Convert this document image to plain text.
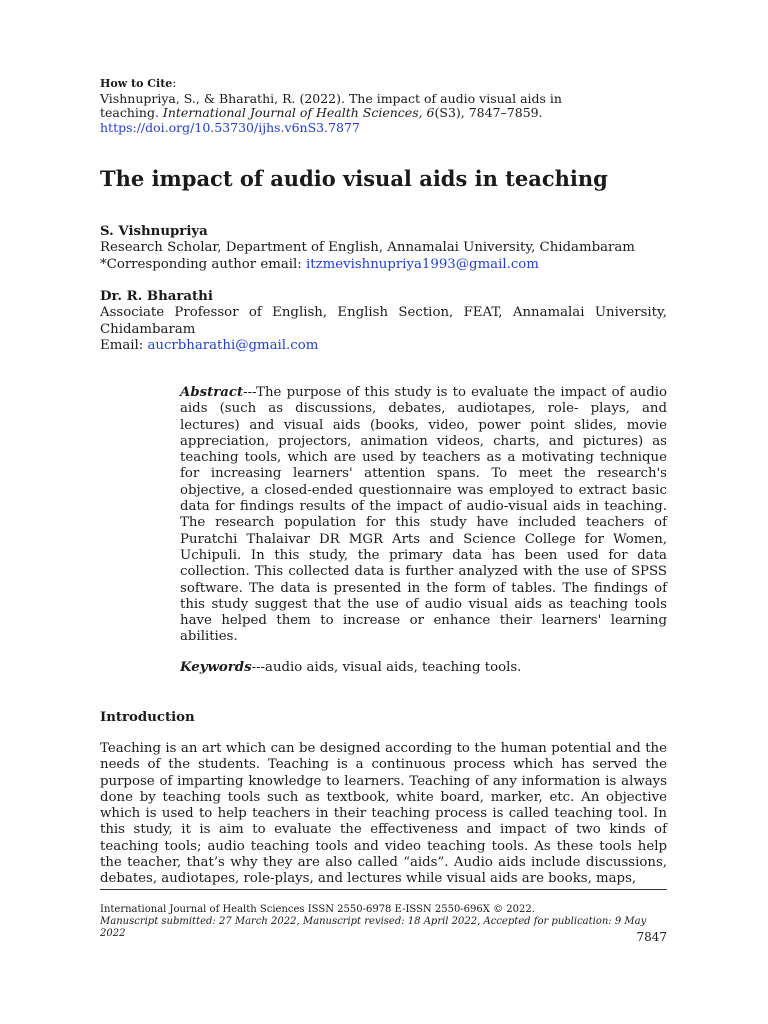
How to Cite:
Vishnupriya, S., & Bharathi, R. (2022). The impact of audio visual aids in
teaching. International Journal of Health Sciences, 6(S3), 7847–7859.
https://doi.org/10.53730/ijhs.v6nS3.7877
The impact of audio visual aids in teaching
S. Vishnupriya
Research Scholar, Department of English, Annamalai University, Chidambaram
*Corresponding author email: itzmevishnupriya1993@gmail.com
Dr. R. Bharathi
Associate Professor of English, English Section, FEAT, Annamalai University, Chidambaram
Email: aucrbharathi@gmail.com
Abstract---The purpose of this study is to evaluate the impact of audio aids (such as discussions, debates, audiotapes, role- plays, and lectures) and visual aids (books, video, power point slides, movie appreciation, projectors, animation videos, charts, and pictures) as teaching tools, which are used by teachers as a motivating technique for increasing learners' attention spans. To meet the research's objective, a closed-ended questionnaire was employed to extract basic data for findings results of the impact of audio-visual aids in teaching. The research population for this study have included teachers of Puratchi Thalaivar DR MGR Arts and Science College for Women, Uchipuli. In this study, the primary data has been used for data collection. This collected data is further analyzed with the use of SPSS software. The data is presented in the form of tables. The findings of this study suggest that the use of audio visual aids as teaching tools have helped them to increase or enhance their learners' learning abilities.
Keywords---audio aids, visual aids, teaching tools.
Introduction
Teaching is an art which can be designed according to the human potential and the needs of the students. Teaching is a continuous process which has served the purpose of imparting knowledge to learners. Teaching of any information is always done by teaching tools such as textbook, white board, marker, etc. An objective which is used to help teachers in their teaching process is called teaching tool. In this study, it is aim to evaluate the effectiveness and impact of two kinds of teaching tools; audio teaching tools and video teaching tools. As these tools help the teacher, that’s why they are also called “aids”. Audio aids include discussions, debates, audiotapes, role-plays, and lectures while visual aids are books, maps,
International Journal of Health Sciences ISSN 2550-6978 E-ISSN 2550-696X © 2022.
Manuscript submitted: 27 March 2022, Manuscript revised: 18 April 2022, Accepted for publication: 9 May 2022	7847
